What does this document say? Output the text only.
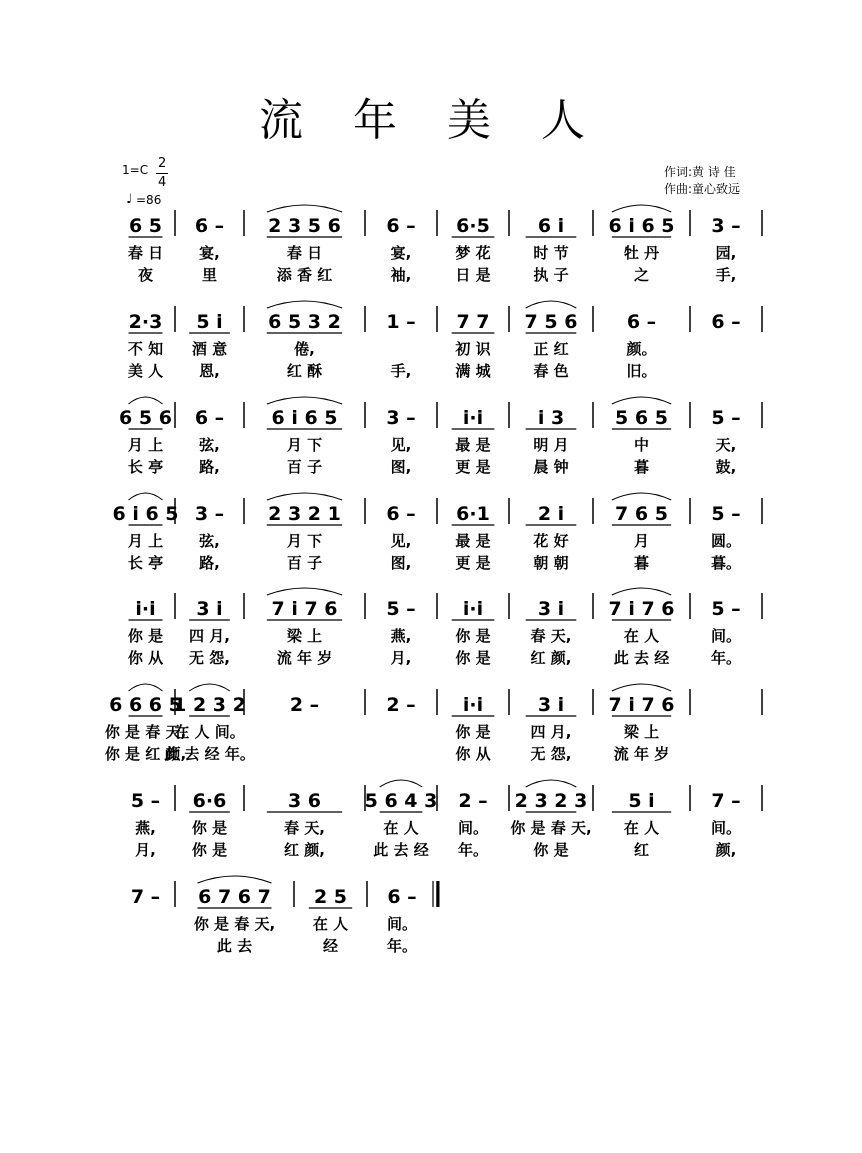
流 年 美 人
1=C 2
4
♩ =86
作词:黄 诗 佳
作曲:童心致远
6 5
春 日
夜
6 –
宴,
里
2 3 5 6
春 日
添 香 红
6 –
宴,
袖,
6·5
梦 花
日 是
6 i
时 节
执 子
6 i 6 5
牡 丹
之
3 –
园,
手,
2·3
不 知
美 人
5 i
酒 意
恩,
6 5 3 2
倦,
红 酥
1 –
手,
7 7
初 识
满 城
7 5 6
正 红
春 色
6 –
颜。
旧。
6 –
6 5 6
月 上
长 亭
6 –
弦,
路,
6 i 6 5
月 下
百 子
3 –
见,
图,
i·i
最 是
更 是
i 3
明 月
晨 钟
5 6 5
中
暮
5 –
天,
鼓,
6 i 6 5
月 上
长 亭
3 –
弦,
路,
2 3 2 1
月 下
百 子
6 –
见,
图,
6·1
最 是
更 是
2 i
花 好
朝 朝
7 6 5
月
暮
5 –
圆。
暮。
i·i
你 是
你 从
3 i
四 月,
无 怨,
7 i 7 6
梁 上
流 年 岁
5 –
燕,
月,
i·i
你 是
你 是
3 i
春 天,
红 颜,
7 i 7 6
在 人
此 去 经
5 –
间。
年。
6 6 6 5
你 是 春 天,
你 是 红 颜,
1 2 3 2
在 人 间。
此 去 经 年。
2 –	2 – i·i
你 是
你 从
3 i
四 月,
无 怨,
7 i 7 6
梁 上
流 年 岁
5 –
燕,
月,
6·6
你 是
你 是
3 6
春 天,
红 颜,
5 6 4 3
在 人
此 去 经
2 –
间。
年。
2 3 2 3
你 是 春 天,
你 是
5 i
在 人
红
7 –
间。
颜,
7 – 6 7 6 7
你 是 春 天,
此 去
2 5
在 人
经
6 –
间。
年。
